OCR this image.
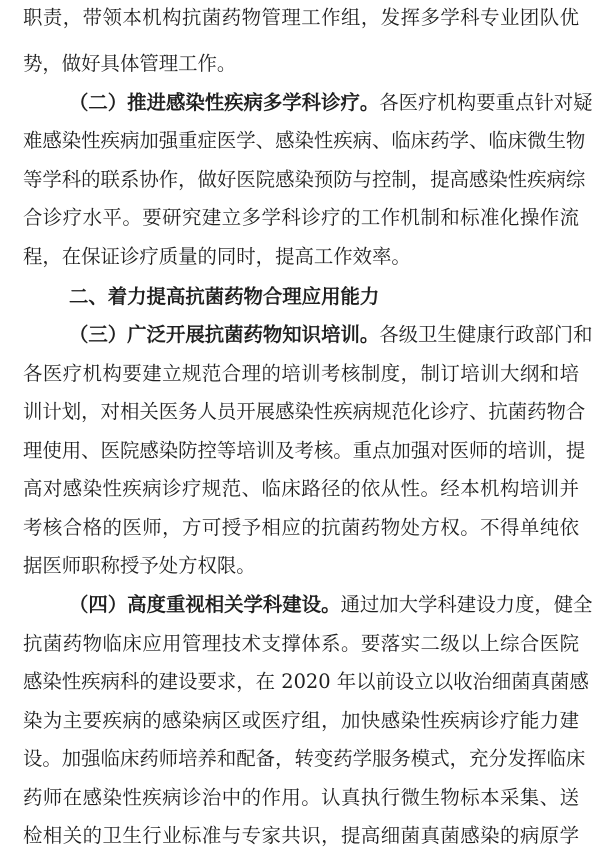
职责，带领本机构抗菌药物管理工作组，发挥多学科专业团队优
势，做好具体管理工作。
（二）推进感染性疾病多学科诊疗。各医疗机构要重点针对疑
难感染性疾病加强重症医学、感染性疾病、临床药学、临床微生物
等学科的联系协作，做好医院感染预防与控制，提高感染性疾病综
合诊疗水平。要研究建立多学科诊疗的工作机制和标准化操作流
程，在保证诊疗质量的同时，提高工作效率。
二、着力提高抗菌药物合理应用能力
（三）广泛开展抗菌药物知识培训。各级卫生健康行政部门和
各医疗机构要建立规范合理的培训考核制度，制订培训大纲和培
训计划，对相关医务人员开展感染性疾病规范化诊疗、抗菌药物合
理使用、医院感染防控等培训及考核。重点加强对医师的培训，提
高对感染性疾病诊疗规范、临床路径的依从性。经本机构培训并
考核合格的医师，方可授予相应的抗菌药物处方权。不得单纯依
据医师职称授予处方权限。
（四）高度重视相关学科建设。通过加大学科建设力度，健全
抗菌药物临床应用管理技术支撑体系。要落实二级以上综合医院
感染性疾病科的建设要求，在 2020 年以前设立以收治细菌真菌感
染为主要疾病的感染病区或医疗组，加快感染性疾病诊疗能力建
设。加强临床药师培养和配备，转变药学服务模式，充分发挥临床
药师在感染性疾病诊治中的作用。认真执行微生物标本采集、送
检相关的卫生行业标准与专家共识，提高细菌真菌感染的病原学
